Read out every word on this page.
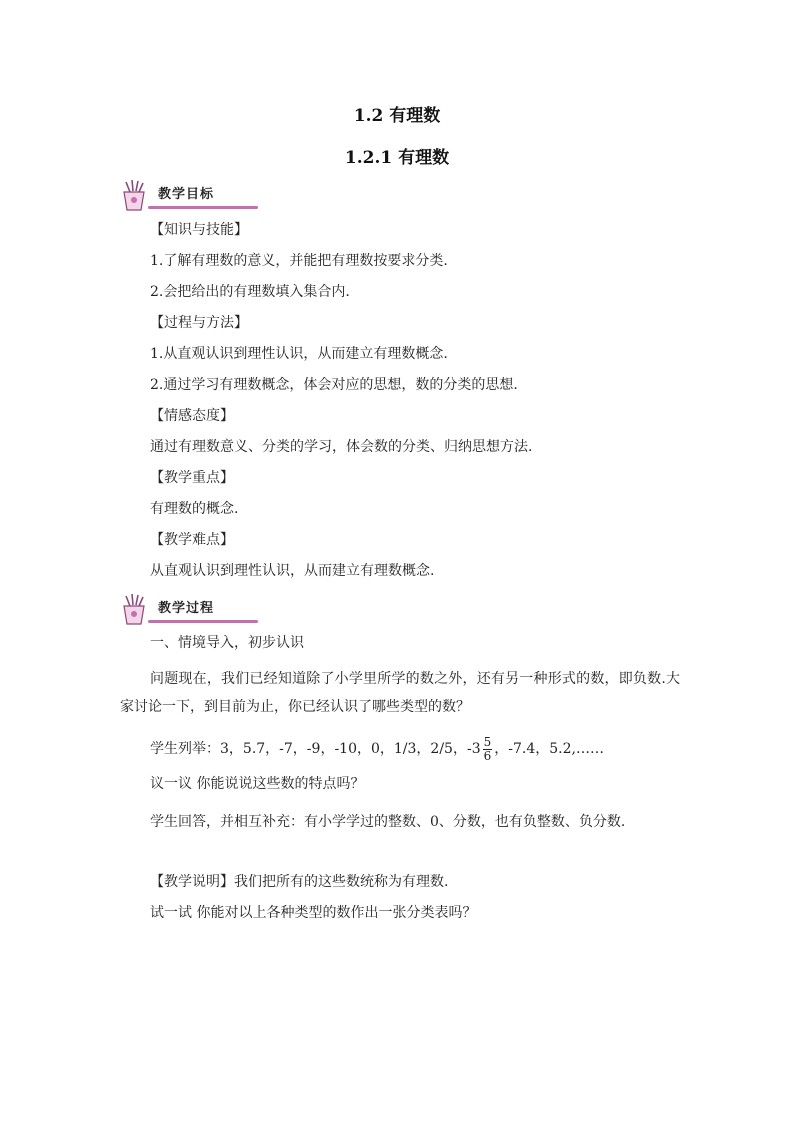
1.2 有理数
1.2.1 有理数
教学目标
【知识与技能】
1.了解有理数的意义，并能把有理数按要求分类.
2.会把给出的有理数填入集合内.
【过程与方法】
1.从直观认识到理性认识，从而建立有理数概念.
2.通过学习有理数概念，体会对应的思想，数的分类的思想.
【情感态度】
通过有理数意义、分类的学习，体会数的分类、归纳思想方法.
【教学重点】
有理数的概念.
【教学难点】
从直观认识到理性认识，从而建立有理数概念.
教学过程
一、情境导入，初步认识
问题现在，我们已经知道除了小学里所学的数之外，还有另一种形式的数，即负数.大家讨论一下，到目前为止，你已经认识了哪些类型的数？
学生列举：3，5.7，-7，-9，-10，0，1/3，2/5，$-3 \frac{5}{6}$ ，-7.4，5.2,……
议一议 你能说说这些数的特点吗？
学生回答，并相互补充：有小学学过的整数、0、分数，也有负整数、负分数.
【教学说明】我们把所有的这些数统称为有理数.
试一试 你能对以上各种类型的数作出一张分类表吗？
